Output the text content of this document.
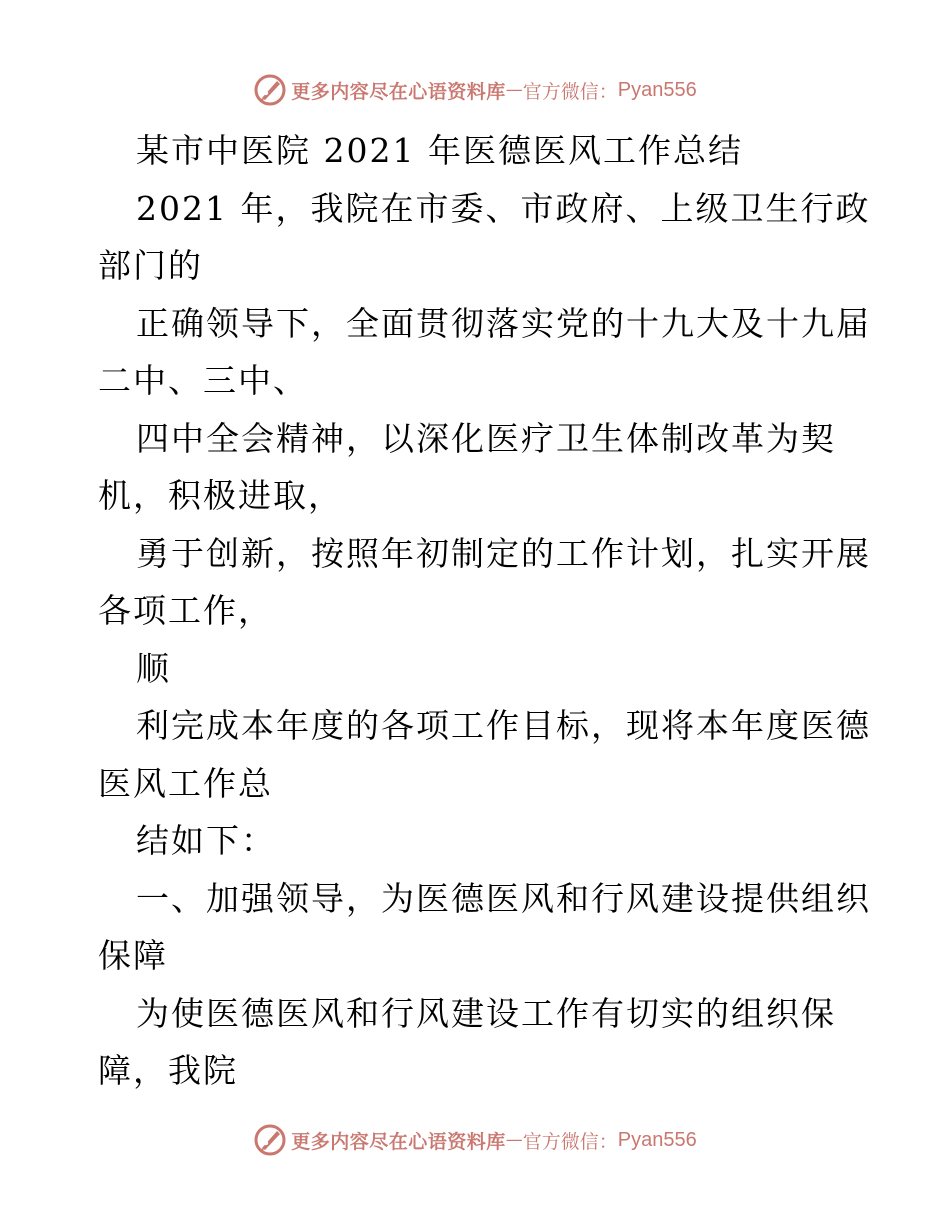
更多内容尽在心语资料库 — 官方微信： Pyan556
某市中医院 2021 年医德医风工作总结
2021 年，我院在市委、市政府、上级卫生行政
部门的
正确领导下，全面贯彻落实党的十九大及十九届
二中、三中、
四中全会精神，以深化医疗卫生体制改革为契
机，积极进取，
勇于创新，按照年初制定的工作计划，扎实开展
各项工作，
顺
利完成本年度的各项工作目标，现将本年度医德
医风工作总
结如下：
一、加强领导，为医德医风和行风建设提供组织
保障
为使医德医风和行风建设工作有切实的组织保
障，我院
更多内容尽在心语资料库 — 官方微信： Pyan556
